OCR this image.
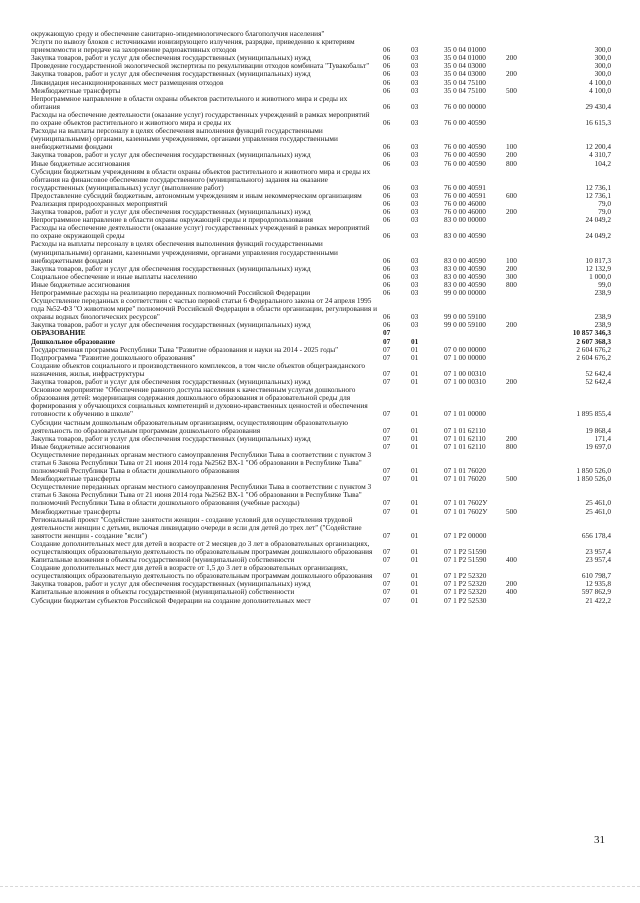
окружающую среду и обеспечение санитарно-эпидемиологического благополучия населения"					
Услуги по вывозу блоков с источниками ионизирующего излучения, разрядке, приведению к критериям приемлемости и передаче на захоронение радиоактивных отходов	06	03	35 0 04 01000		300,0
Закупка товаров, работ и услуг для обеспечения государственных (муниципальных) нужд	06	03	35 0 04 01000	200	300,0
Проведение государственной экологической экспертизы по рекультивации отходов комбината "Тувакобальт"	06	03	35 0 04 03000		300,0
Закупка товаров, работ и услуг для обеспечения государственных (муниципальных) нужд	06	03	35 0 04 03000	200	300,0
Ликвидация несанкционированных мест размещения отходов	06	03	35 0 04 75100		4 100,0
Межбюджетные трансферты	06	03	35 0 04 75100	500	4 100,0
Непрограммное направление в области охраны объектов растительного и животного мира и среды их обитания	06	03	76 0 00 00000		29 430,4
Расходы на обеспечение деятельности (оказание услуг) государственных учреждений в рамках мероприятий по охране объектов растительного и животного мира и среды их	06	03	76 0 00 40590		16 615,3
Расходы на выплаты персоналу в целях обеспечения выполнения функций государственными (муниципальными) органами, казенными учреждениями, органами управления государственными внебюджетными фондами	06	03	76 0 00 40590	100	12 200,4
Закупка товаров, работ и услуг для обеспечения государственных (муниципальных) нужд	06	03	76 0 00 40590	200	4 310,7
Иные бюджетные ассигнования	06	03	76 0 00 40590	800	104,2
Субсидии бюджетным учреждениям в области охраны объектов растительного и животного мира и среды их обитания на финансовое обеспечение государственного (муниципального) задания на оказание государственных (муниципальных) услуг (выполнение работ)	06	03	76 0 00 40591		12 736,1
Предоставление субсидий бюджетным, автономным учреждениям и иным некоммерческим организациям	06	03	76 0 00 40591	600	12 736,1
Реализация природоохранных мероприятий	06	03	76 0 00 46000		79,0
Закупка товаров, работ и услуг для обеспечения государственных (муниципальных) нужд	06	03	76 0 00 46000	200	79,0
Непрограммное направление в области охраны окружающей среды и природопользования	06	03	83 0 00 00000		24 049,2
Расходы на обеспечение деятельности (оказание услуг) государственных учреждений в рамках мероприятий по охране окружающей среды	06	03	83 0 00 40590		24 049,2
Расходы на выплаты персоналу в целях обеспечения выполнения функций государственными (муниципальными) органами, казенными учреждениями, органами управления государственными внебюджетными фондами	06	03	83 0 00 40590	100	10 817,3
Закупка товаров, работ и услуг для обеспечения государственных (муниципальных) нужд	06	03	83 0 00 40590	200	12 132,9
Социальное обеспечение и иные выплаты населению	06	03	83 0 00 40590	300	1 000,0
Иные бюджетные ассигнования	06	03	83 0 00 40590	800	99,0
Непрограммные расходы на реализацию переданных полномочий Российской Федерации	06	03	99 0 00 00000		238,9
Осуществление переданных в соответствии с частью первой статьи 6 Федерального закона от 24 апреля 1995 года №52-ФЗ "О животном мире" полномочий Российской Федерации в области организации, регулирования и охраны водных биологических ресурсов"	06	03	99 0 00 59100		238,9
Закупка товаров, работ и услуг для обеспечения государственных (муниципальных) нужд	06	03	99 0 00 59100	200	238,9
ОБРАЗОВАНИЕ	07				10 857 346,3
Дошкольное образование	07	01			2 607 368,3
Государственная программа Республики Тыва "Развитие образования и науки на 2014 - 2025 годы"	07	01	07 0 00 00000		2 604 676,2
Подпрограмма "Развитие дошкольного образования"	07	01	07 1 00 00000		2 604 676,2
Создание объектов социального и производственного комплексов, в том числе объектов общегражданского назначения, жилья, инфраструктуры	07	01	07 1 00 00310		52 642,4
Закупка товаров, работ и услуг для обеспечения государственных (муниципальных) нужд	07	01	07 1 00 00310	200	52 642,4
Основное мероприятие "Обеспечение равного доступа населения к качественным услугам дошкольного образования детей: модернизация содержания дошкольного образования и образовательной среды для формирования у обучающихся социальных компетенций и духовно-нравственных ценностей и обеспечения готовности к обучению в школе"	07	01	07 1 01 00000		1 895 855,4
Субсидии частным дошкольным образовательным организациям, осуществляющим образовательную деятельность по образовательным программам дошкольного образования	07	01	07 1 01 62110		19 868,4
Закупка товаров, работ и услуг для обеспечения государственных (муниципальных) нужд	07	01	07 1 01 62110	200	171,4
Иные бюджетные ассигнования	07	01	07 1 01 62110	800	19 697,0
Осуществление переданных органам местного самоуправления Республики Тыва в соответствии с пунктом 3 статьи 6 Закона Республики Тыва от 21 июня 2014 года №2562 ВХ-1 "Об образовании в Республике Тыва" полномочий Республики Тыва в области дошкольного образования	07	01	07 1 01 76020		1 850 526,0
Межбюджетные трансферты	07	01	07 1 01 76020	500	1 850 526,0
Осуществление переданных органам местного самоуправления Республики Тыва в соответствии с пунктом 3 статьи 6 Закона Республики Тыва от 21 июня 2014 года №2562 ВХ-1 "Об образовании в Республике Тыва" полномочий Республики Тыва в области дошкольного образования (учебные расходы)	07	01	07 1 01 7602У		25 461,0
Межбюджетные трансферты	07	01	07 1 01 7602У	500	25 461,0
Региональный проект "Содействие занятости женщин - создание условий для осуществления трудовой деятельности женщин с детьми, включая ликвидацию очереди в ясли для детей до трех лет" ("Содействие занятости женщин - создание "ясли")	07	01	07 1 P2 00000		656 178,4
Создание дополнительных мест для детей в возрасте от 2 месяцев до 3 лет в образовательных организациях, осуществляющих образовательную деятельность по образовательным программам дошкольного образования	07	01	07 1 P2 51590		23 957,4
Капитальные вложения в объекты государственной (муниципальной) собственности	07	01	07 1 P2 51590	400	23 957,4
Создание дополнительных мест для детей в возрасте от 1,5 до 3 лет в образовательных организациях, осуществляющих образовательную деятельность по образовательным программам дошкольного образования	07	01	07 1 P2 52320		610 798,7
Закупка товаров, работ и услуг для обеспечения государственных (муниципальных) нужд	07	01	07 1 P2 52320	200	12 935,8
Капитальные вложения в объекты государственной (муниципальной) собственности	07	01	07 1 P2 52320	400	597 862,9
Субсидии бюджетам субъектов Российской Федерации на создание дополнительных мест	07	01	07 1 P2 52530		21 422,2
31
